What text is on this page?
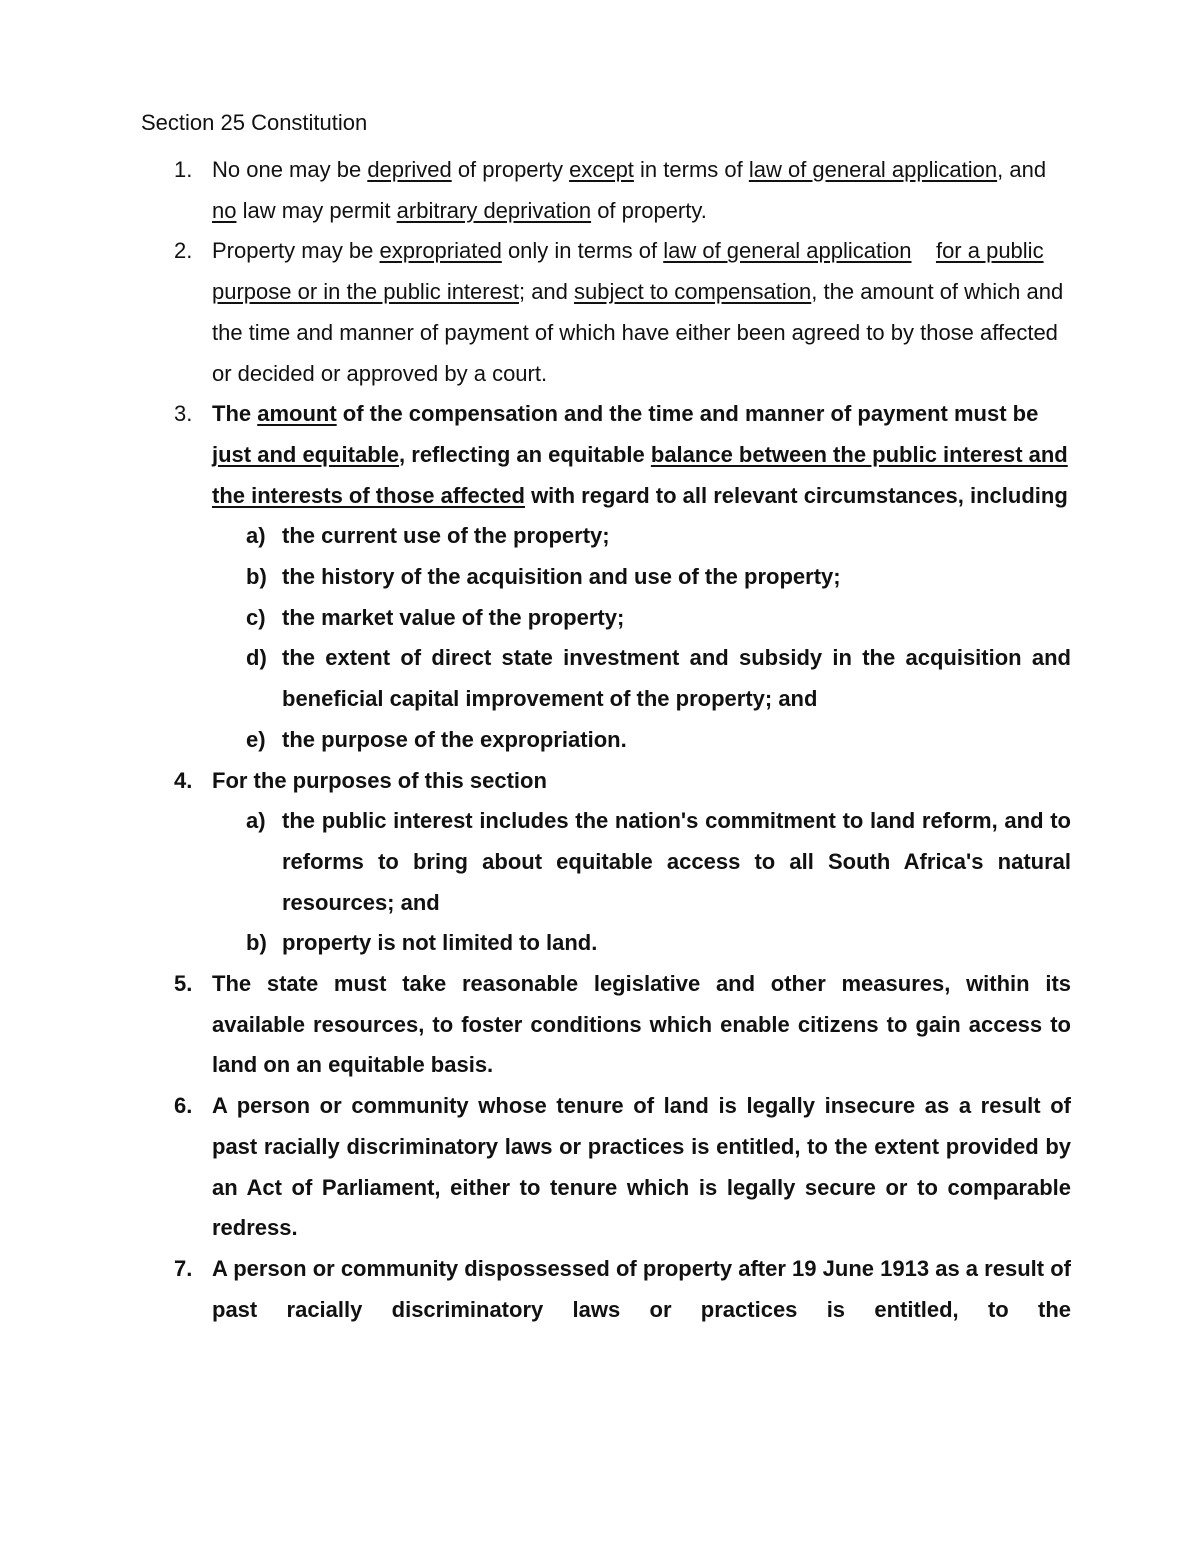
Section 25 Constitution
1. No one may be deprived of property except in terms of law of general application, and no law may permit arbitrary deprivation of property.
2. Property may be expropriated only in terms of law of general application for a public purpose or in the public interest; and subject to compensation, the amount of which and the time and manner of payment of which have either been agreed to by those affected or decided or approved by a court.
3. The amount of the compensation and the time and manner of payment must be just and equitable, reflecting an equitable balance between the public interest and the interests of those affected with regard to all relevant circumstances, including
a) the current use of the property;
b) the history of the acquisition and use of the property;
c) the market value of the property;
d) the extent of direct state investment and subsidy in the acquisition and beneficial capital improvement of the property; and
e) the purpose of the expropriation.
4. For the purposes of this section
a) the public interest includes the nation's commitment to land reform, and to reforms to bring about equitable access to all South Africa's natural resources; and
b) property is not limited to land.
5. The state must take reasonable legislative and other measures, within its available resources, to foster conditions which enable citizens to gain access to land on an equitable basis.
6. A person or community whose tenure of land is legally insecure as a result of past racially discriminatory laws or practices is entitled, to the extent provided by an Act of Parliament, either to tenure which is legally secure or to comparable redress.
7. A person or community dispossessed of property after 19 June 1913 as a result of past racially discriminatory laws or practices is entitled, to the
